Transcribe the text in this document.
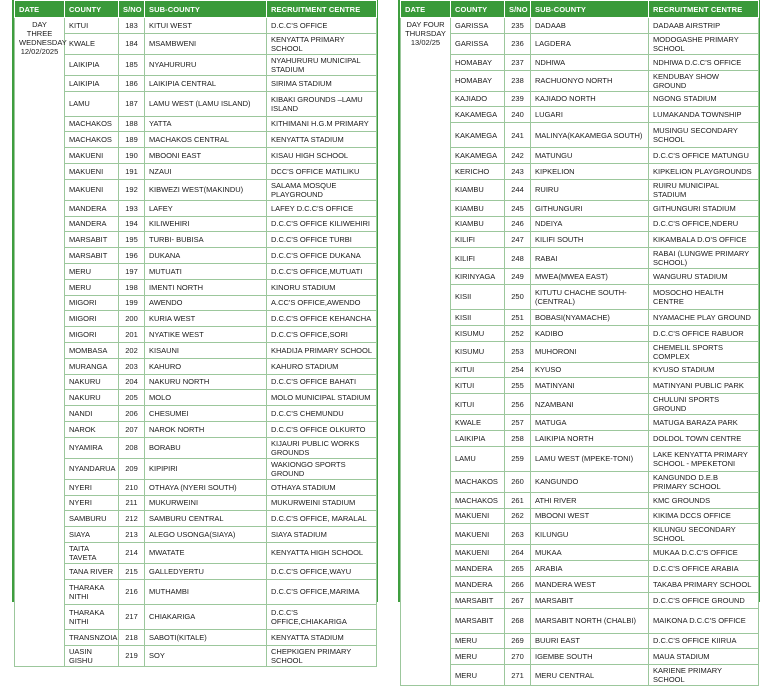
DATE	COUNTY	S/NO	SUB-COUNTY	RECRUITMENT CENTRE

DAY THREE
WEDNESDAY
12/02/2025	KITUI	183	KITUI WEST	D.C.C'S OFFICE
	KWALE	184	MSAMBWENI	KENYATTA PRIMARY SCHOOL
	LAIKIPIA	185	NYAHURURU	NYAHURURU MUNICIPAL STADIUM
	LAIKIPIA	186	LAIKIPIA CENTRAL	SIRIMA STADIUM
	LAMU	187	LAMU WEST (LAMU ISLAND)	KIBAKI GROUNDS –LAMU ISLAND
	MACHAKOS	188	YATTA	KITHIMANI H.G.M PRIMARY
	MACHAKOS	189	MACHAKOS CENTRAL	KENYATTA STADIUM
	MAKUENI	190	MBOONI EAST	KISAU HIGH SCHOOL
	MAKUENI	191	NZAUI	DCC'S OFFICE MATILIKU
	MAKUENI	192	KIBWEZI WEST(MAKINDU)	SALAMA MOSQUE PLAYGROUND
	MANDERA	193	LAFEY	LAFEY D.C.C'S OFFICE
	MANDERA	194	KILIWEHIRI	D.C.C'S OFFICE KILIWEHIRI
	MARSABIT	195	TURBI- BUBISA	D.C.C'S OFFICE TURBI
	MARSABIT	196	DUKANA	D.C.C'S OFFICE DUKANA
	MERU	197	MUTUATI	D.C.C'S OFFICE,MUTUATI
	MERU	198	IMENTI NORTH	KINORU STADIUM
	MIGORI	199	AWENDO	A.CC'S OFFICE,AWENDO
	MIGORI	200	KURIA WEST	D.C.C'S OFFICE KEHANCHA
	MIGORI	201	NYATIKE WEST	D.C.C'S OFFICE,SORI
	MOMBASA	202	KISAUNI	KHADIJA PRIMARY SCHOOL
	MURANGA	203	KAHURO	KAHURO STADIUM
	NAKURU	204	NAKURU NORTH	D.C.C'S OFFICE BAHATI
	NAKURU	205	MOLO	MOLO MUNICIPAL STADIUM
	NANDI	206	CHESUMEI	D.C.C'S CHEMUNDU
	NAROK	207	NAROK NORTH	D.C.C'S OFFICE OLKURTO
	NYAMIRA	208	BORABU	KIJAURI PUBLIC WORKS GROUNDS
	NYANDARUA	209	KIPIPIRI	WAKIONGO SPORTS GROUND
	NYERI	210	OTHAYA (NYERI SOUTH)	OTHAYA STADIUM
	NYERI	211	MUKURWEINI	MUKURWEINI STADIUM
	SAMBURU	212	SAMBURU CENTRAL	D.C.C'S OFFICE, MARALAL
	SIAYA	213	ALEGO USONGA(SIAYA)	SIAYA STADIUM
	TAITA TAVETA	214	MWATATE	KENYATTA HIGH SCHOOL
	TANA RIVER	215	GALLEDYERTU	D.C.C'S OFFICE,WAYU
	THARAKA NITHI	216	MUTHAMBI	D.C.C'S OFFICE,MARIMA
	THARAKA NITHI	217	CHIAKARIGA	D.C.C'S OFFICE,CHIAKARIGA
	TRANSNZOIA	218	SABOTI(KITALE)	KENYATTA STADIUM
	UASIN GISHU	219	SOY	CHEPKIGEN PRIMARY SCHOOL
DATE	COUNTY	S/NO	SUB-COUNTY	RECRUITMENT CENTRE

DAY FOUR
THURSDAY
13/02/25	GARISSA	235	DADAAB	DADAAB AIRSTRIP
	GARISSA	236	LAGDERA	MODOGASHE PRIMARY SCHOOL
	HOMABAY	237	NDHIWA	NDHIWA D.C.C'S OFFICE
	HOMABAY	238	RACHUONYO NORTH	KENDUBAY SHOW GROUND
	KAJIADO	239	KAJIADO NORTH	NGONG STADIUM
	KAKAMEGA	240	LUGARI	LUMAKANDA TOWNSHIP
	KAKAMEGA	241	MALINYA(KAKAMEGA SOUTH)	MUSINGU SECONDARY SCHOOL
	KAKAMEGA	242	MATUNGU	D.C.C'S OFFICE MATUNGU
	KERICHO	243	KIPKELION	KIPKELION PLAYGROUNDS
	KIAMBU	244	RUIRU	RUIRU MUNICIPAL STADIUM
	KIAMBU	245	GITHUNGURI	GITHUNGURI STADIUM
	KIAMBU	246	NDEIYA	D.C.C'S OFFICE,NDERU
	KILIFI	247	KILIFI SOUTH	KIKAMBALA D.O'S OFFICE
	KILIFI	248	RABAI	RABAI (LUNGWE PRIMARY SCHOOL)
	KIRINYAGA	249	MWEA(MWEA EAST)	WANGURU STADIUM
	KISII	250	KITUTU CHACHE SOUTH-(CENTRAL)	MOSOCHO HEALTH CENTRE
	KISII	251	BOBASI(NYAMACHE)	NYAMACHE PLAY GROUND
	KISUMU	252	KADIBO	D.C.C'S OFFICE RABUOR
	KISUMU	253	MUHORONI	CHEMELIL SPORTS COMPLEX
	KITUI	254	KYUSO	KYUSO STADIUM
	KITUI	255	MATINYANI	MATINYANI PUBLIC PARK
	KITUI	256	NZAMBANI	CHULUNI SPORTS GROUND
	KWALE	257	MATUGA	MATUGA BARAZA PARK
	LAIKIPIA	258	LAIKIPIA NORTH	DOLDOL TOWN CENTRE
	LAMU	259	LAMU WEST (MPEKE-TONI)	LAKE KENYATTA PRIMARY SCHOOL - MPEKETONI
	MACHAKOS	260	KANGUNDO	KANGUNDO D.E.B PRIMARY SCHOOL
	MACHAKOS	261	ATHI RIVER	KMC GROUNDS
	MAKUENI	262	MBOONI WEST	KIKIMA DCCS OFFICE
	MAKUENI	263	KILUNGU	KILUNGU SECONDARY SCHOOL
	MAKUENI	264	MUKAA	MUKAA D.C.C'S OFFICE
	MANDERA	265	ARABIA	D.C.C'S OFFICE ARABIA
	MANDERA	266	MANDERA WEST	TAKABA PRIMARY SCHOOL
	MARSABIT	267	MARSABIT	D.C.C'S OFFICE GROUND
	MARSABIT	268	MARSABIT NORTH (CHALBI)	MAIKONA D.C.C'S OFFICE
	MERU	269	BUURI EAST	D.C.C'S OFFICE KIIRUA
	MERU	270	IGEMBE SOUTH	MAUA STADIUM
	MERU	271	MERU CENTRAL	KARIENE PRIMARY SCHOOL
